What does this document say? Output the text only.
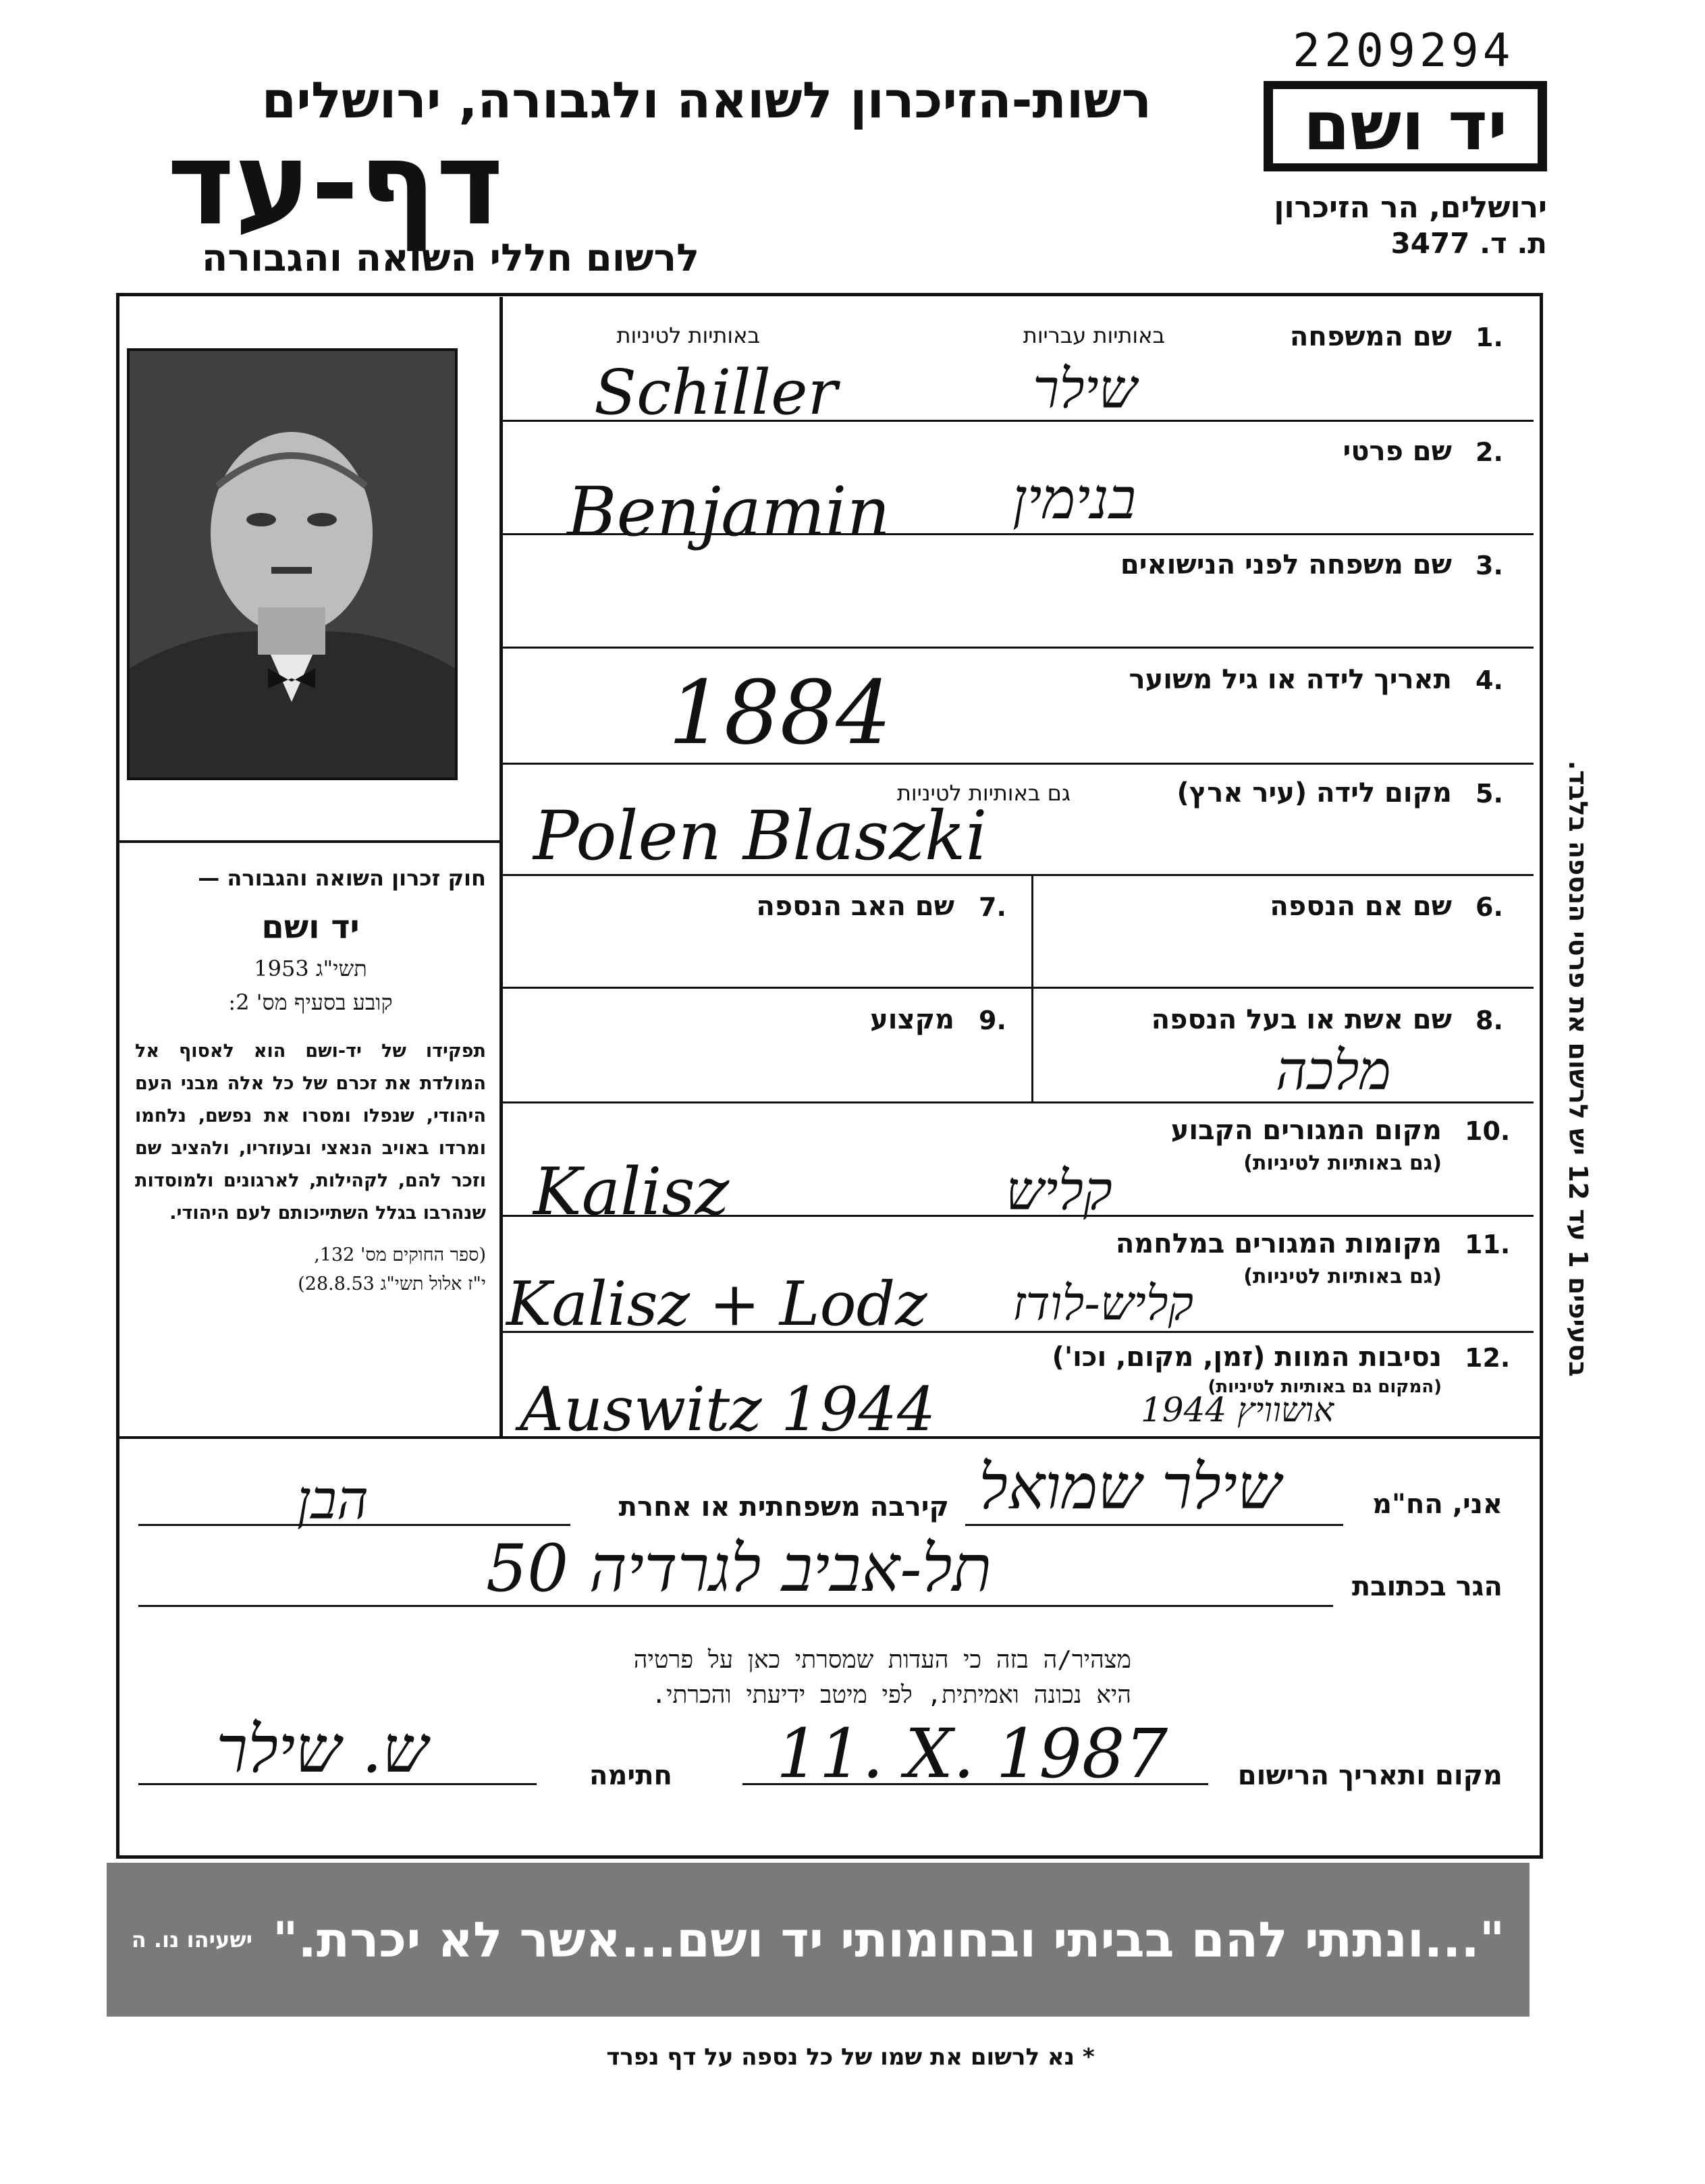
2209294
רשות-הזיכרון לשואה ולגבורה, ירושלים
דף-עד
לרשום חללי השואה והגבורה
יד ושם
ירושלים, הר הזיכרון
ת. ד. 3477

חוק זכרון השואה והגבורה —

יד ושם

תשי"ג 1953

קובע בסעיף מס' 2:

תפקידו של יד-ושם הוא לאסוף אל המולדת את זכרם של כל אלה מבני העם היהודי, שנפלו ומסרו את נפשם, נלחמו ומרדו באויב הנאצי ובעוזריו, ולהציב שם וזכר להם, לקהילות, לארגונים ולמוסדות שנהרבו בגלל השתייכותם לעם היהודי.

(ספר החוקים מס' 132,

י"ז אלול תשי"ג 28.8.53)

באותיות עבריות
באותיות לטיניות	1.
שם המשפחה
שילר
Schiller
2.
שם פרטי
בנימין
Benjamin
3.
שם משפחה לפני הנישואים
4.
תאריך לידה או גיל משוער
1884
5.
מקום לידה (עיר ארץ)
גם באותיות לטיניות
Polen Blaszki
6.
שם אם הנספה
7.
שם האב הנספה
8.
שם אשת או בעל הנספה
מלכה
9.
מקצוע
10.
מקום המגורים הקבוע
(גם באותיות לטיניות)
קליש
Kalisz
11.
מקומות המגורים במלחמה
(גם באותיות לטיניות)
קליש-לודז
Kalisz + Lodz
12.
נסיבות המוות (זמן, מקום, וכו')
(המקום גם באותיות לטיניות)
Auswitz 1944	1944 אושוויץ
בסעיפים 1 עד 12 יש לרשום את פרטי הנספה בלבד.
אני, הח"מ
שילר שמואל
קירבה משפחתית או אחרת
הבן
הגר בכתובת
תל-אביב לגרדיה 50
מצהיר/ה בזה כי העדות שמסרתי כאן על פרטיה
היא נכונה ואמיתית, לפי מיטב ידיעתי והכרתי.
מקום ותאריך הרישום
11. X. 1987
חתימה
ש. שילר
"...ונתתי להם בביתי ובחומותי יד ושם...אשר לא יכרת."
ישעיהו נו. ה
* נא לרשום את שמו של כל נספה על דף נפרד
